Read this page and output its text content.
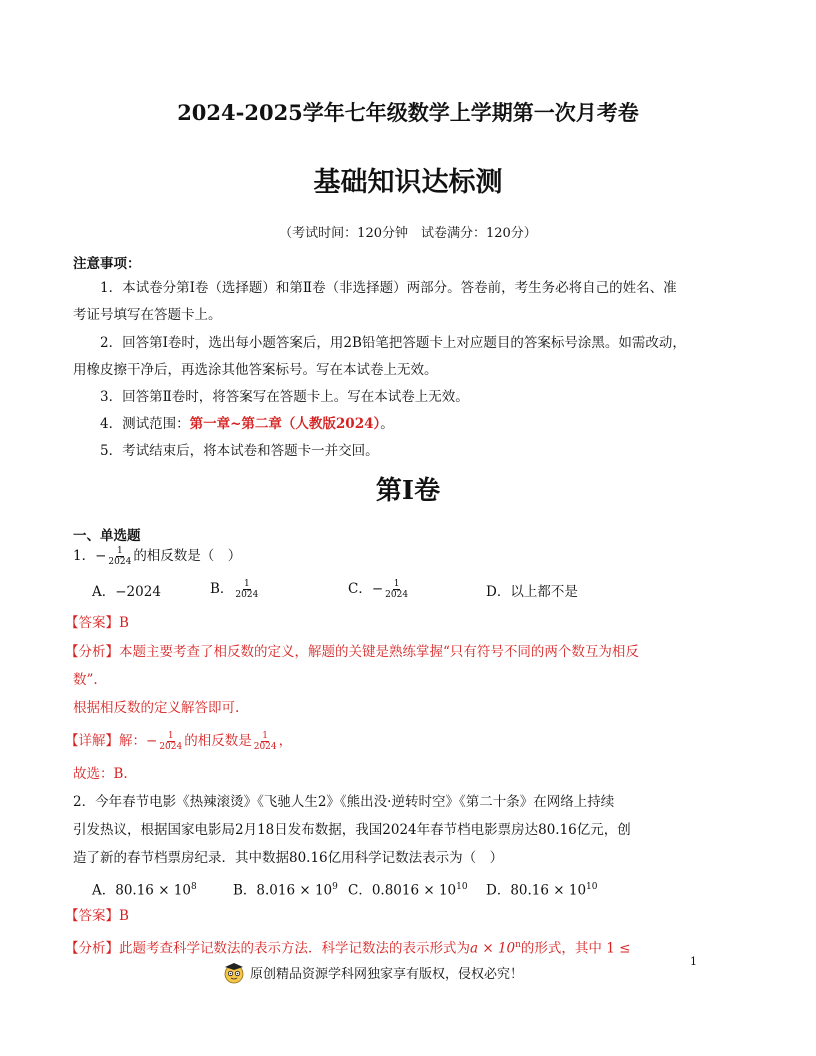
2024-2025学年七年级数学上学期第一次月考卷
基础知识达标测
（考试时间：120分钟　试卷满分：120分）
注意事项：
1．本试卷分第Ⅰ卷（选择题）和第Ⅱ卷（非选择题）两部分。答卷前，考生务必将自己的姓名、准
考证号填写在答题卡上。
2．回答第Ⅰ卷时，选出每小题答案后，用2B铅笔把答题卡上对应题目的答案标号涂黑。如需改动，
用橡皮擦干净后，再选涂其他答案标号。写在本试卷上无效。
3．回答第Ⅱ卷时，将答案写在答题卡上。写在本试卷上无效。
4．测试范围：第一章~第二章（人教版2024）。
5．考试结束后，将本试卷和答题卡一并交回。
第Ⅰ卷
一、单选题
1．− $\frac{1}{2024}$ 的相反数是（　）
A．−2024	B． $\frac{1}{2024}$	C．− $\frac{1}{2024}$	D．以上都不是
【答案】B
【分析】本题主要考查了相反数的定义，解题的关键是熟练掌握“只有符号不同的两个数互为相反
数”.
根据相反数的定义解答即可.
【详解】解：− $\frac{1}{2024}$ 的相反数是 $\frac{1}{2024}$ ，
故选：B.
2．今年春节电影《热辣滚烫》《飞驰人生2》《熊出没·逆转时空》《第二十条》在网络上持续
引发热议，根据国家电影局2月18日发布数据，我国2024年春节档电影票房达80.16亿元，创
造了新的春节档票房纪录．其中数据80.16亿用科学记数法表示为（　）
A．$80.16 \times 10^8$	B．$8.016 \times 10^9$ C．$0.8016 \times 10^{10}$ D．$80.16 \times 10^{10}$
【答案】B
【分析】此题考查科学记数法的表示方法．科学记数法的表示形式为$a \times 10^n$的形式，其中 1 ≤
原创精品资源学科网独家享有版权，侵权必究！
1
